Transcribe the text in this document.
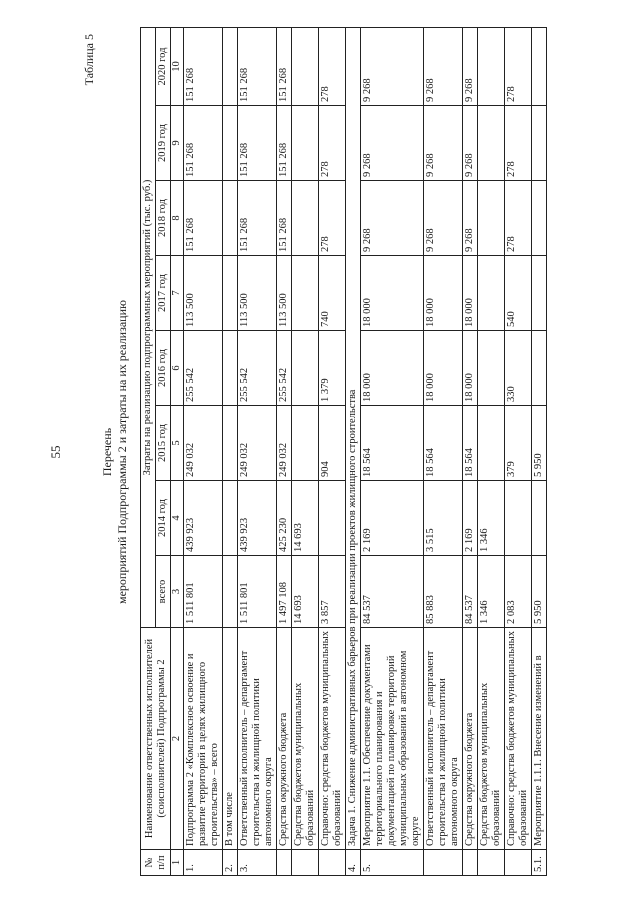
55
Таблица 5
Перечень мероприятий Подпрограммы 2 и затраты на их реализацию
№ п/п	Наименование ответственных исполнителей (соисполнителей) Подпрограммы 2	Затраты на реализацию подпрограммных мероприятий (тыс. руб.)							
		всего	2014 год	2015 год	2016 год	2017 год	2018 год	2019 год	2020 год
1	2	3	4	5	6	7	8	9	10
1.	Подпрограмма 2 «Комплексное освоение и развитие территорий в целях жилищного строительства» – всего	1 511 801	439 923	249 032	255 542	113 500	151 268	151 268	151 268
2.	В том числе								
3.	Ответственный исполнитель – департамент строительства и жилищной политики автономного округа	1 511 801	439 923	249 032	255 542	113 500	151 268	151 268	151 268
	Средства окружного бюджета	1 497 108	425 230	249 032	255 542	113 500	151 268	151 268	151 268
	Средства бюджетов муниципальных образований	14 693	14 693						
	Справочно: средства бюджетов муниципальных образований	3 857		904	1 379	740	278	278	278
4.	Задача 1. Снижение административных барьеров при реализации проектов жилищного строительства								
5.	Мероприятие 1.1. Обеспечение документами территориального планирования и документацией по планировке территорий муниципальных образований в автономном округе	84 537	2 169	18 564	18 000	18 000	9 268	9 268	9 268
	Ответственный исполнитель – департамент строительства и жилищной политики автономного округа	85 883	3 515	18 564	18 000	18 000	9 268	9 268	9 268
	Средства окружного бюджета	84 537	2 169	18 564	18 000	18 000	9 268	9 268	9 268
	Средства бюджетов муниципальных образований	1 346	1 346						
	Справочно: средства бюджетов муниципальных образований	2 083		379	330	540	278	278	278
5.1.	Мероприятие 1.1.1. Внесение изменений в	5 950		5 950					
